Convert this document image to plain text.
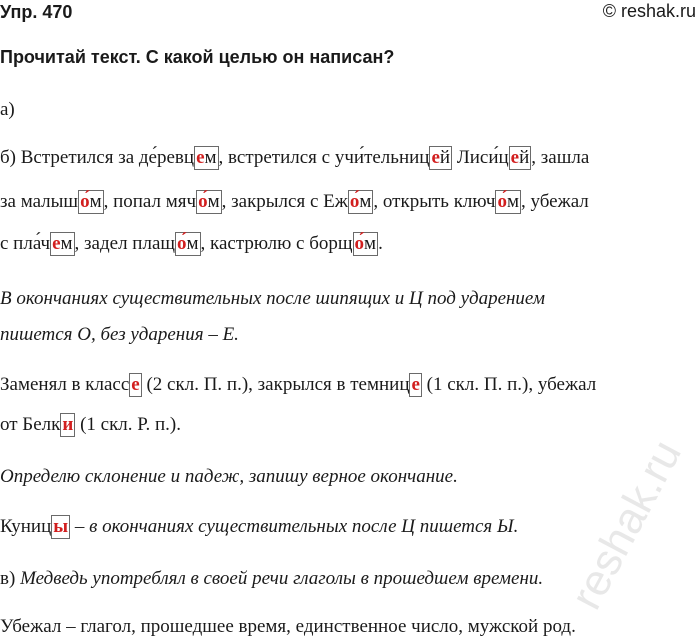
Упр. 470	© reshak.ru
Прочитай текст. С какой целью он написан?
а)
б) Встретился за де́ревц ем , встретился с учи́тельниц ей Лиси́ц ей , зашла
за малыш о́м , попал мяч о́м , закрылся с Еж о́м , открыть ключ о́м , убежал
с пла́ч ем , задел плащ о́м , кастрюлю с борщ о́м .
В окончаниях существительных после шипящих и Ц под ударением
пишется О, без ударения – Е.
Заменял в класс е (2 скл. П. п.), закрылся в темниц е (1 скл. П. п.), убежал
от Белк и (1 скл. Р. п.).
Определю склонение и падеж, запишу верное окончание.
Куниц ы – в окончаниях существительных после Ц пишется Ы.
в) Медведь употреблял в своей речи глаголы в прошедшем времени.
Убежал – глагол, прошедшее время, единственное число, мужской род.
reshak.ru
